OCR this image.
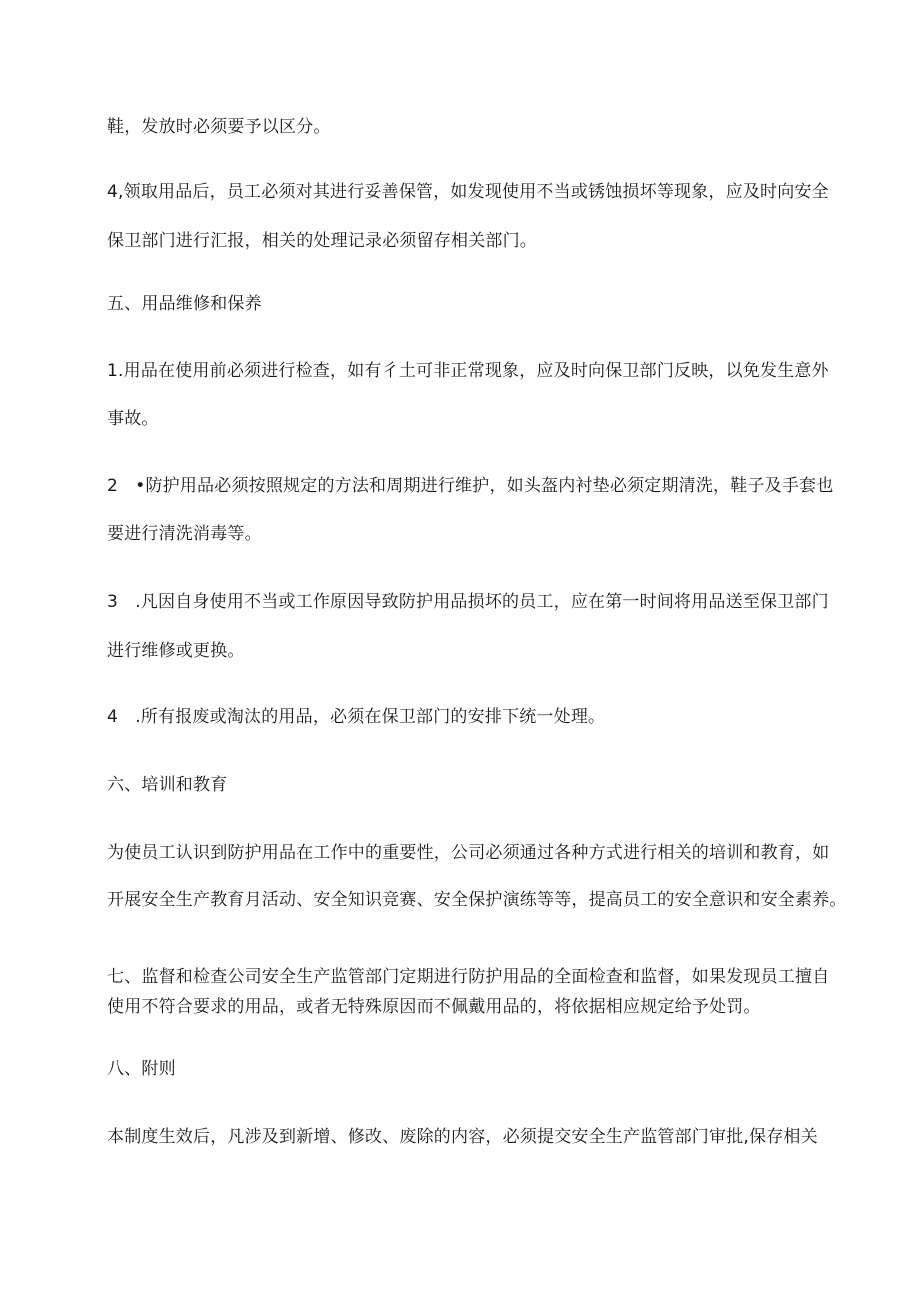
鞋，发放时必须要予以区分。
4,领取用品后，员工必须对其进行妥善保管，如发现使用不当或锈蚀损坏等现象，应及时向安全
保卫部门进行汇报，相关的处理记录必须留存相关部门。
五、用品维修和保养
1.用品在使用前必须进行检查，如有彳土可非正常现象，应及时向保卫部门反映，以免发生意外
事故。
2　•防护用品必须按照规定的方法和周期进行维护，如头盔内衬垫必须定期清洗，鞋子及手套也
要进行清洗消毒等。
3　.凡因自身使用不当或工作原因导致防护用品损坏的员工，应在第一时间将用品送至保卫部门
进行维修或更换。
4　.所有报废或淘汰的用品，必须在保卫部门的安排下统一处理。
六、培训和教育
为使员工认识到防护用品在工作中的重要性，公司必须通过各种方式进行相关的培训和教育，如
开展安全生产教育月活动、安全知识竞赛、安全保护演练等等，提高员工的安全意识和安全素养。
七、监督和检查公司安全生产监管部门定期进行防护用品的全面检查和监督，如果发现员工擅自
使用不符合要求的用品，或者无特殊原因而不佩戴用品的，将依据相应规定给予处罚。
八、附则
本制度生效后，凡涉及到新增、修改、废除的内容，必须提交安全生产监管部门审批,保存相关
